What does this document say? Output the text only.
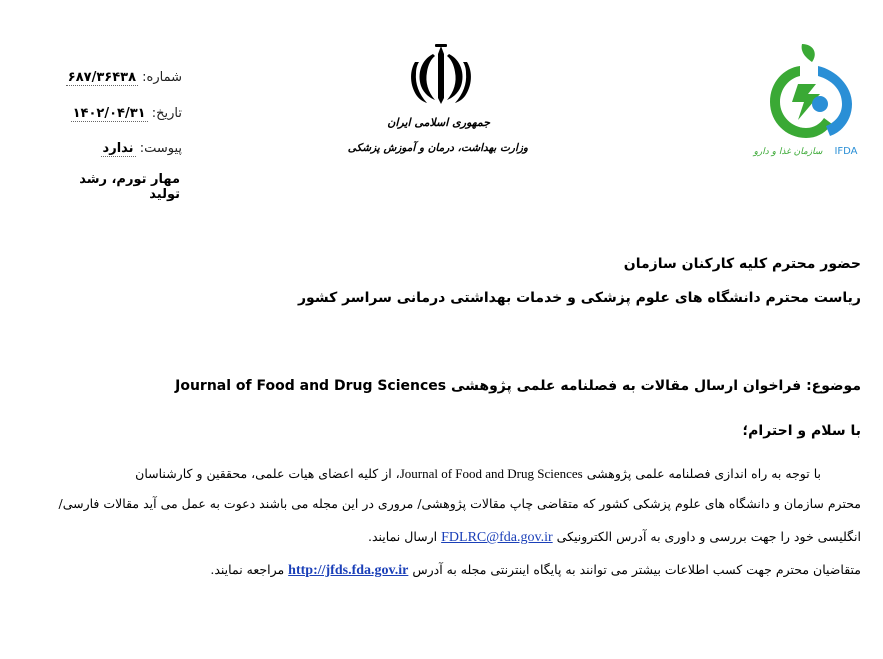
شماره: ۶۸۷/۳۶۴۳۸
تاریخ: ۱۴۰۲/۰۴/۳۱
پیوست: ندارد
مهار تورم، رشد تولید
جمهوری اسلامی ایران
وزارت بهداشت، درمان و آموزش پزشکی	سازمان غذا و دارو IFDA
حضور محترم کلیه کارکنان سازمان
ریاست محترم دانشگاه های علوم پزشکی و خدمات بهداشتی درمانی سراسر کشور
موضوع: فراخوان ارسال مقالات به فصلنامه علمی پژوهشی Journal of Food and Drug Sciences
با سلام و احترام؛
با توجه به راه اندازی فصلنامه علمی پژوهشی Journal of Food and Drug Sciences، از کلیه اعضای هیات علمی، محققین و کارشناسان
محترم سازمان و دانشگاه های علوم پزشکی کشور که متقاضی چاپ مقالات پژوهشی/ مروری در این مجله می باشند دعوت به عمل می آید مقالات فارسی/
انگلیسی خود را جهت بررسی و داوری به آدرس الکترونیکی FDLRC@fda.gov.ir ارسال نمایند.
متقاضیان محترم جهت کسب اطلاعات بیشتر می توانند به پایگاه اینترنتی مجله به آدرس http://jfds.fda.gov.ir مراجعه نمایند.
